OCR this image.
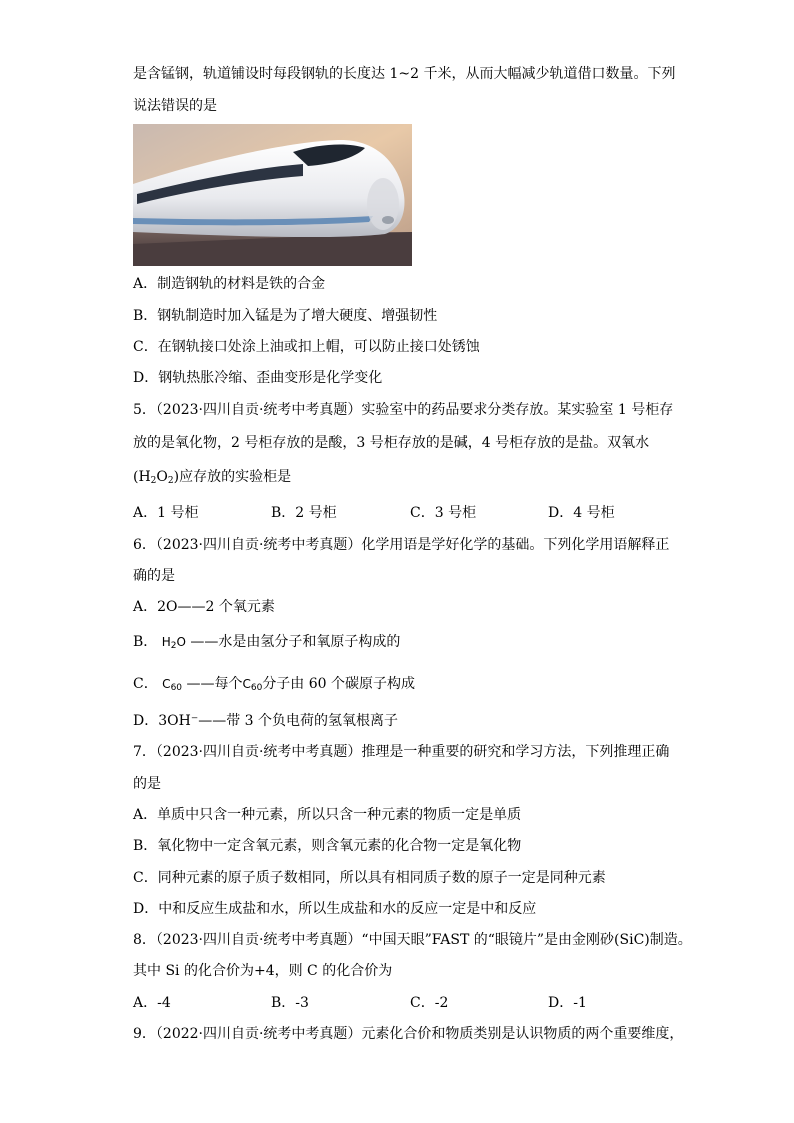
是含锰钢，轨道铺设时每段钢轨的长度达 1~2 千米，从而大幅减少轨道借口数量。下列
说法错误的是
A．制造钢轨的材料是铁的合金
B．钢轨制造时加入锰是为了增大硬度、增强韧性
C．在钢轨接口处涂上油或扣上帽，可以防止接口处锈蚀
D．钢轨热胀冷缩、歪曲变形是化学变化
5．（2023·四川自贡·统考中考真题）实验室中的药品要求分类存放。某实验室 1 号柜存
放的是氧化物，2 号柜存放的是酸，3 号柜存放的是碱，4 号柜存放的是盐。双氧水
$(H_2O_2)$应存放的实验柜是
A．1 号柜	B．2 号柜	C．3 号柜	D．4 号柜
6．（2023·四川自贡·统考中考真题）化学用语是学好化学的基础。下列化学用语解释正
确的是
A．2O——2 个氧元素
B． $H_2O$ ——水是由氢分子和氧原子构成的
C． $C_{60}$ ——每个$C_{60}$分子由 60 个碳原子构成
D．3OH⁻——带 3 个负电荷的氢氧根离子
7．（2023·四川自贡·统考中考真题）推理是一种重要的研究和学习方法，下列推理正确
的是
A．单质中只含一种元素，所以只含一种元素的物质一定是单质
B．氧化物中一定含氧元素，则含氧元素的化合物一定是氧化物
C．同种元素的原子质子数相同，所以具有相同质子数的原子一定是同种元素
D．中和反应生成盐和水，所以生成盐和水的反应一定是中和反应
8．（2023·四川自贡·统考中考真题）“中国天眼”FAST 的“眼镜片”是由金刚砂(SiC)制造。
其中 Si 的化合价为+4，则 C 的化合价为
A．-4	B．-3	C．-2	D．-1
9．（2022·四川自贡·统考中考真题）元素化合价和物质类别是认识物质的两个重要维度，
